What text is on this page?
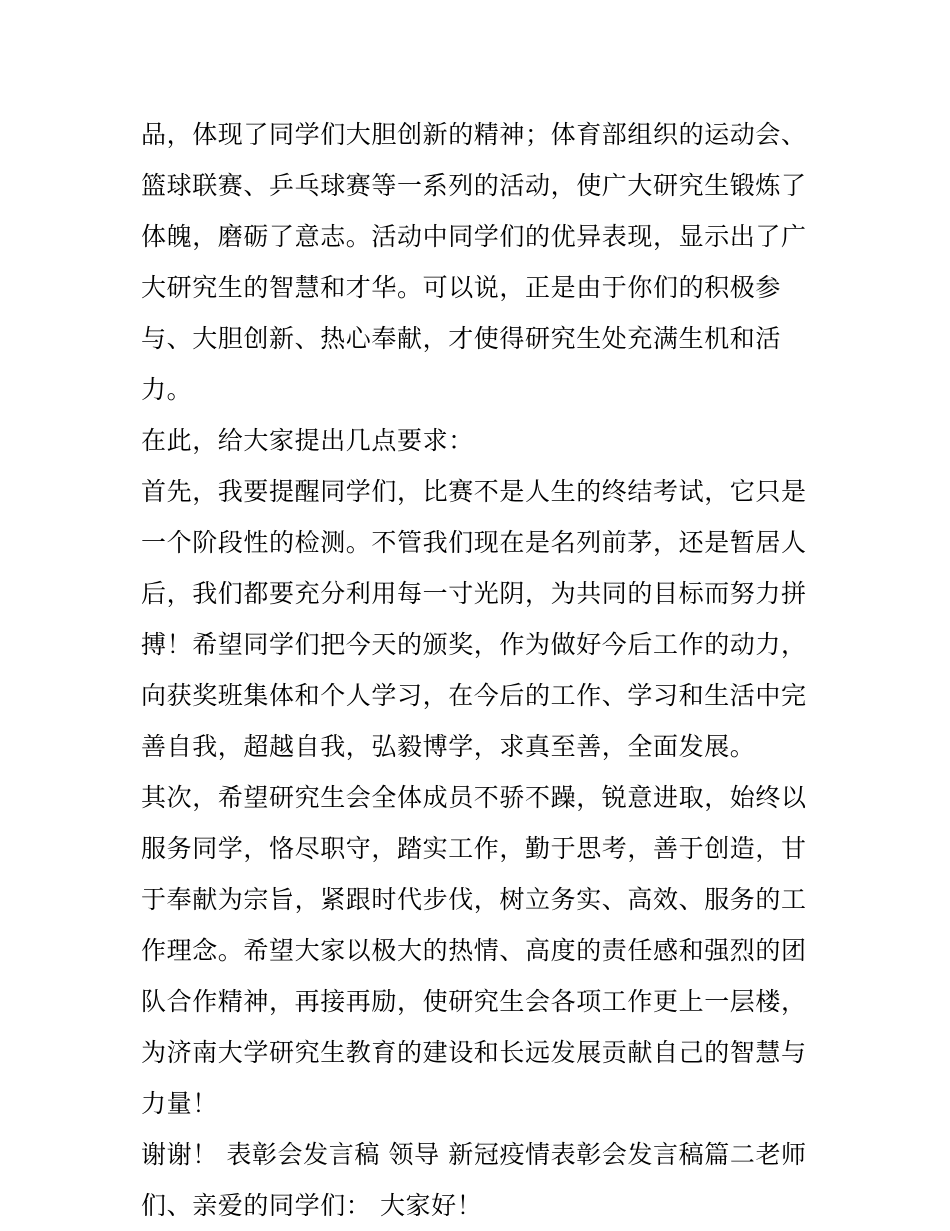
品，体现了同学们大胆创新的精神；体育部组织的运动会、篮球联赛、乒乓球赛等一系列的活动，使广大研究生锻炼了体魄，磨砺了意志。活动中同学们的优异表现，显示出了广大研究生的智慧和才华。可以说，正是由于你们的积极参与、大胆创新、热心奉献，才使得研究生处充满生机和活力。

在此，给大家提出几点要求：

首先，我要提醒同学们，比赛不是人生的终结考试，它只是一个阶段性的检测。不管我们现在是名列前茅，还是暂居人后，我们都要充分利用每一寸光阴，为共同的目标而努力拼搏！希望同学们把今天的颁奖，作为做好今后工作的动力，向获奖班集体和个人学习，在今后的工作、学习和生活中完善自我，超越自我，弘毅博学，求真至善，全面发展。

其次，希望研究生会全体成员不骄不躁，锐意进取，始终以服务同学，恪尽职守，踏实工作，勤于思考，善于创造，甘于奉献为宗旨，紧跟时代步伐，树立务实、高效、服务的工作理念。希望大家以极大的热情、高度的责任感和强烈的团队合作精神，再接再励，使研究生会各项工作更上一层楼，为济南大学研究生教育的建设和长远发展贡献自己的智慧与力量！

谢谢！ 表彰会发言稿 领导 新冠疫情表彰会发言稿篇二老师们、亲爱的同学们： 大家好！
